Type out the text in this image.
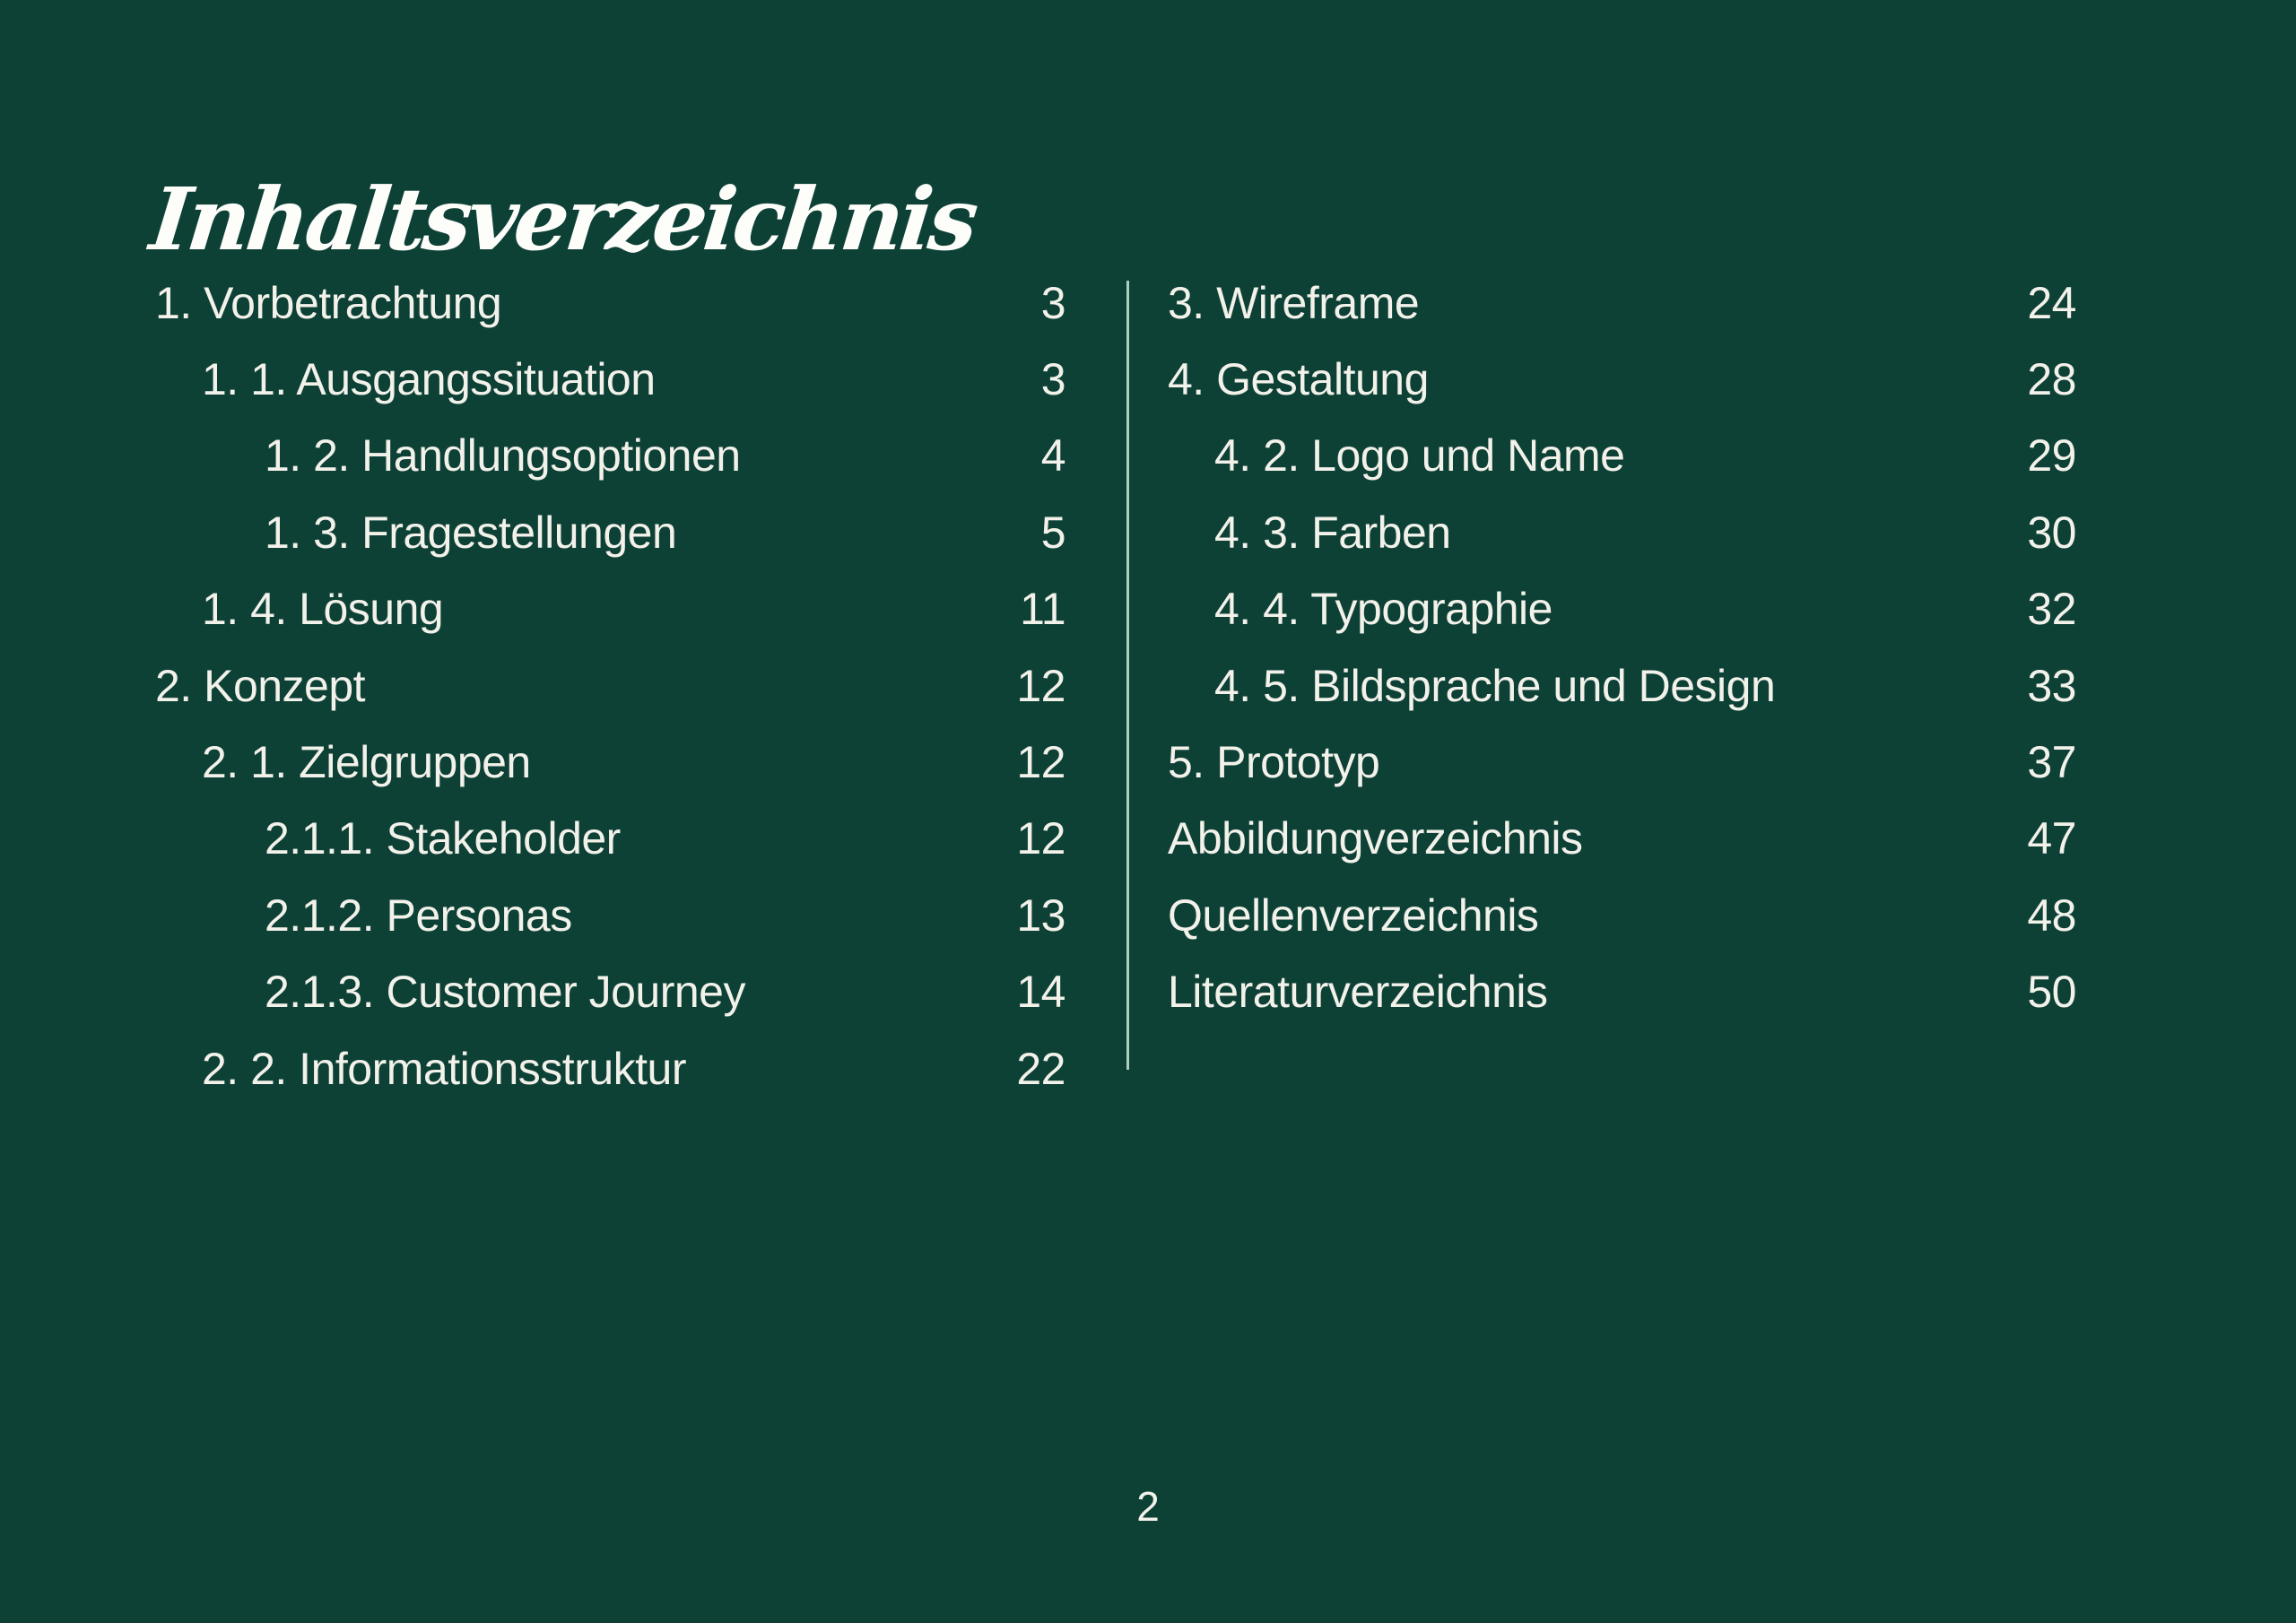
Inhaltsverzeichnis
1. Vorbetrachtung	3
1. 1. Ausgangssituation	3
1. 2. Handlungsoptionen	4
1. 3. Fragestellungen	5
1. 4. Lösung	11
2. Konzept	12
2. 1. Zielgruppen	12
2.1.1. Stakeholder	12
2.1.2. Personas	13
2.1.3. Customer Journey	14
2. 2. Informationsstruktur	22
3. Wireframe	24
4. Gestaltung	28
4. 2. Logo und Name	29
4. 3. Farben	30
4. 4. Typographie	32
4. 5. Bildsprache und Design	33
5. Prototyp	37
Abbildungverzeichnis	47
Quellenverzeichnis	48
Literaturverzeichnis	50
2
